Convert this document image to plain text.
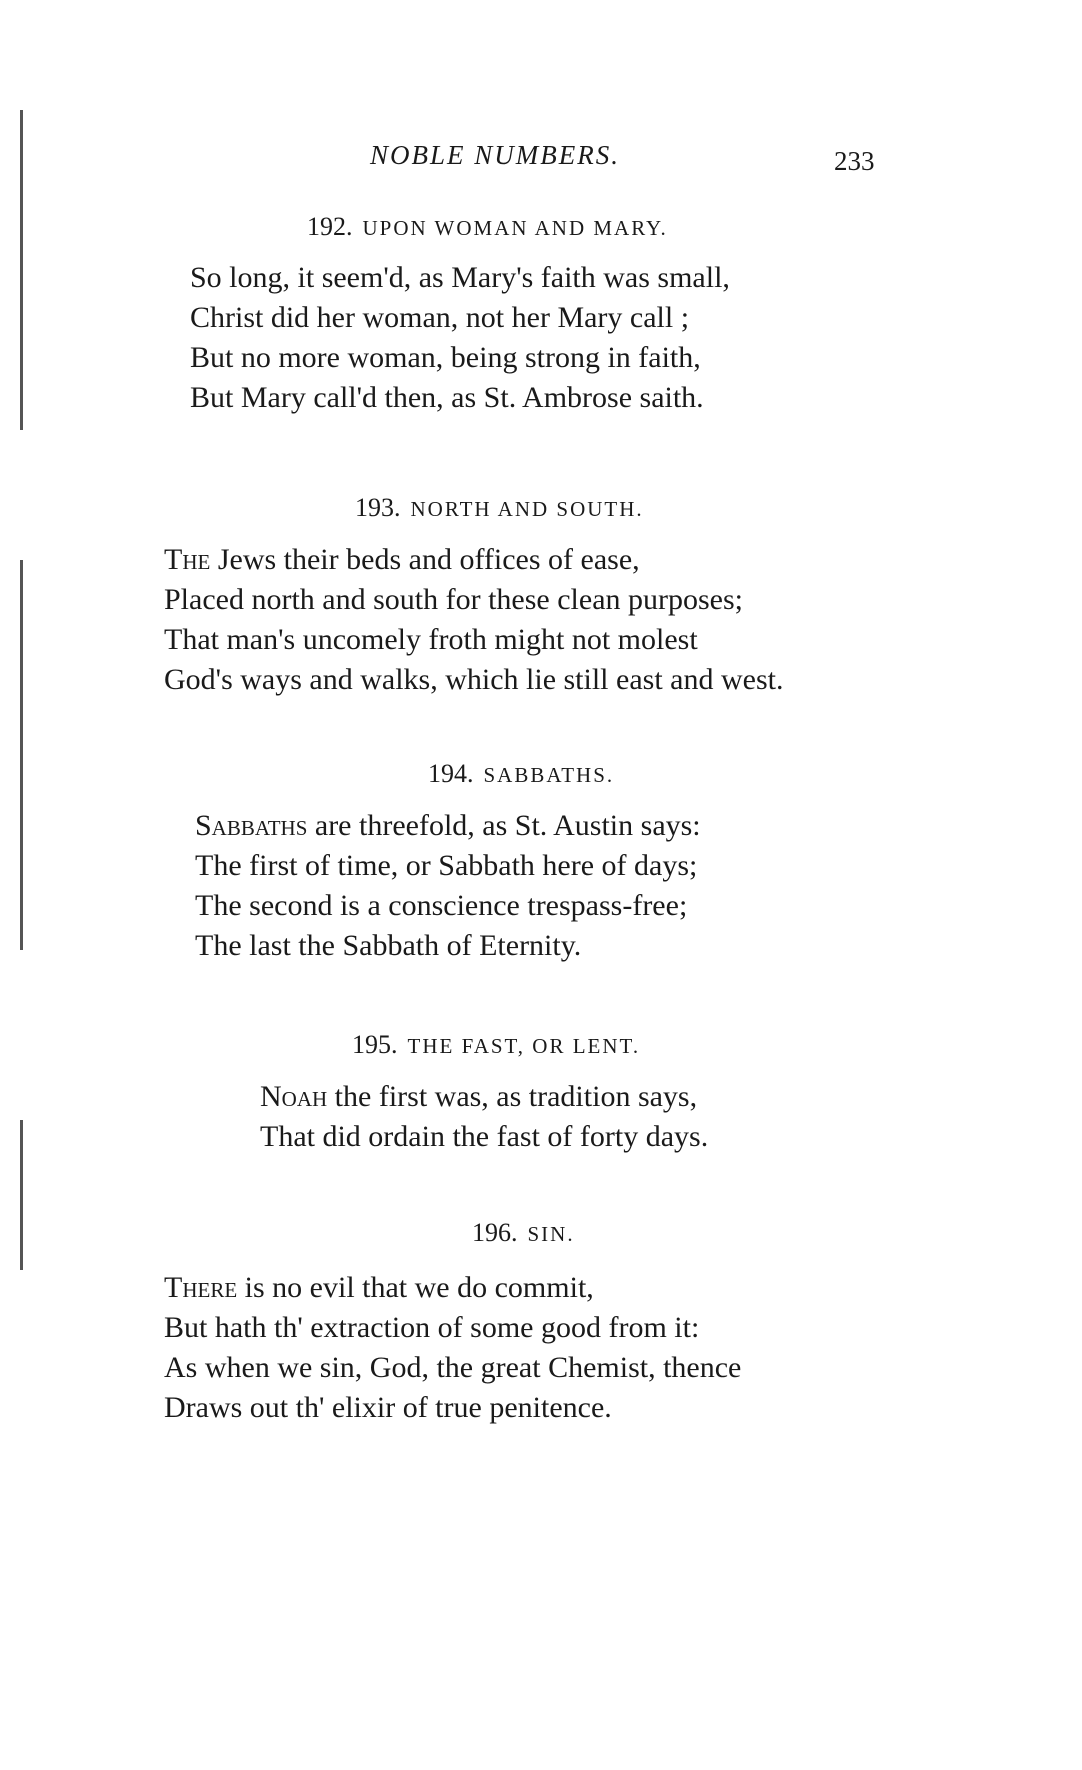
NOBLE NUMBERS.	233
192. UPON WOMAN AND MARY.
So long, it seem'd, as Mary's faith was small,
Christ did her woman, not her Mary call ;
But no more woman, being strong in faith,
But Mary call'd then, as St. Ambrose saith.
193. NORTH AND SOUTH.
The Jews their beds and offices of ease,
Placed north and south for these clean purposes;
That man's uncomely froth might not molest
God's ways and walks, which lie still east and west.
194. SABBATHS.
Sabbaths are threefold, as St. Austin says:
The first of time, or Sabbath here of days;
The second is a conscience trespass-free;
The last the Sabbath of Eternity.
195. THE FAST, OR LENT.
Noah the first was, as tradition says,
That did ordain the fast of forty days.
196. SIN.
There is no evil that we do commit,
But hath th' extraction of some good from it:
As when we sin, God, the great Chemist, thence
Draws out th' elixir of true penitence.
